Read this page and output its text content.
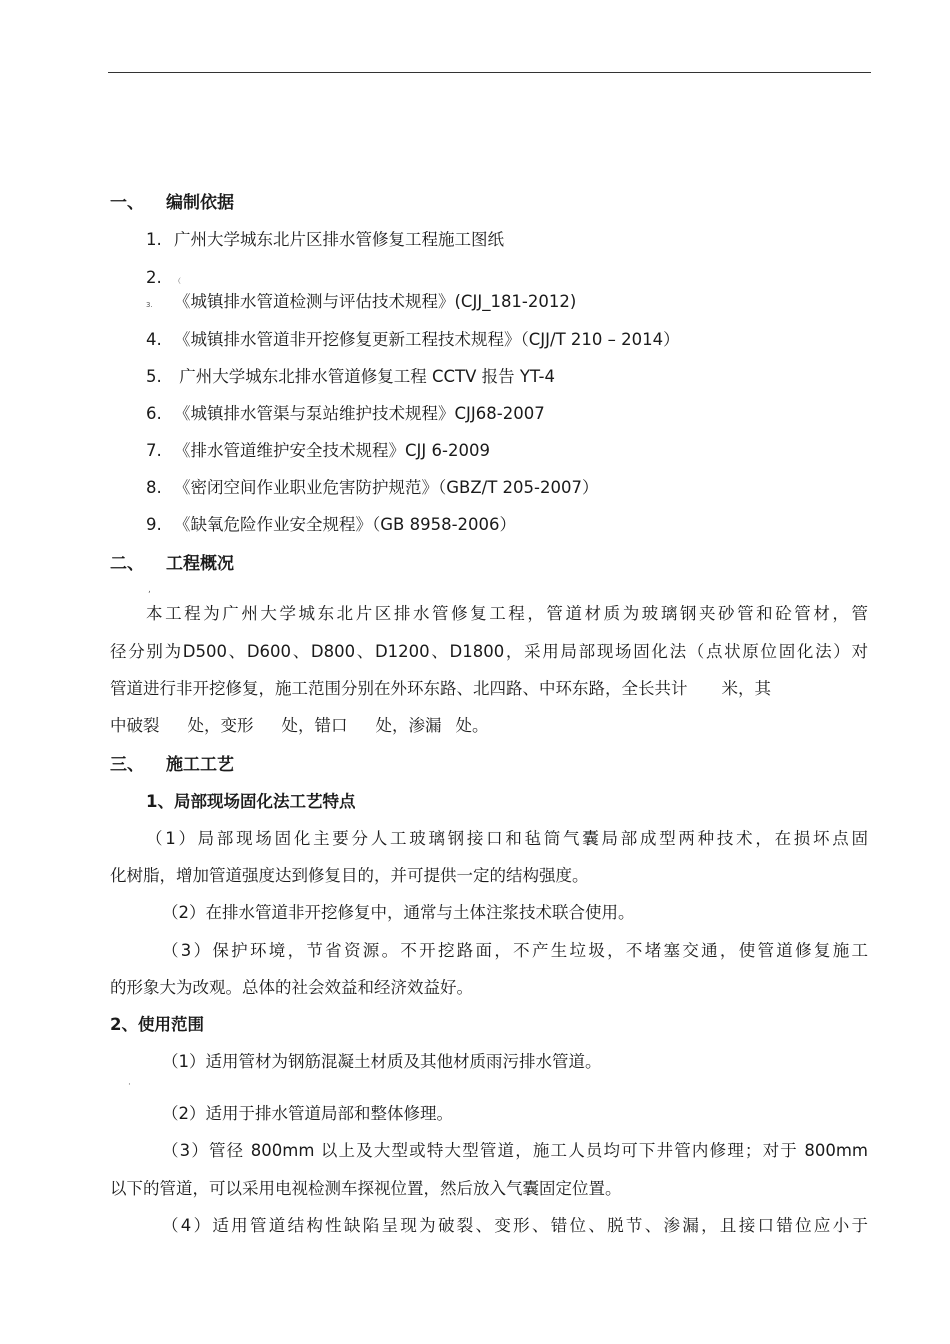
一、 编制依据
1. 广州大学城东北片区排水管修复工程施工图纸
2. （
3. 《城镇排水管道检测与评估技术规程》(CJJ_181-2012)
4. 《城镇排水管道非开挖修复更新工程技术规程》（CJJ/T 210 – 2014）
5. 广州大学城东北排水管道修复工程 CCTV 报告 YT-4
6. 《城镇排水管渠与泵站维护技术规程》CJJ68-2007
7. 《排水管道维护安全技术规程》CJJ 6-2009
8. 《密闭空间作业职业危害防护规范》（GBZ/T 205-2007）
9. 《缺氧危险作业安全规程》（GB 8958-2006）
二、 工程概况
,
本工程为广州大学城东北片区排水管修复工程，管道材质为玻璃钢夹砂管和砼管材，管
径分别为D500、D600、D800、D1200、D1800，采用局部现场固化法（点状原位固化法）对
管道进行非开挖修复，施工范围分别在外环东路、北四路、中环东路，全长共计 米，其
中破裂 处，变形 处，错口 处，渗漏 处。
三、 施工工艺
1、局部现场固化法工艺特点
（1）局部现场固化主要分人工玻璃钢接口和毡筒气囊局部成型两种技术，在损坏点固
化树脂，增加管道强度达到修复目的，并可提供一定的结构强度。
（2）在排水管道非开挖修复中，通常与土体注浆技术联合使用。
（3）保护环境，节省资源。不开挖路面，不产生垃圾，不堵塞交通，使管道修复施工
的形象大为改观。总体的社会效益和经济效益好。
2、使用范围
（1）适用管材为钢筋混凝土材质及其他材质雨污排水管道。
·
（2）适用于排水管道局部和整体修理。
（3）管径 800mm 以上及大型或特大型管道，施工人员均可下井管内修理；对于 800mm
以下的管道，可以采用电视检测车探视位置，然后放入气囊固定位置。
（4）适用管道结构性缺陷呈现为破裂、变形、错位、脱节、渗漏，且接口错位应小于
